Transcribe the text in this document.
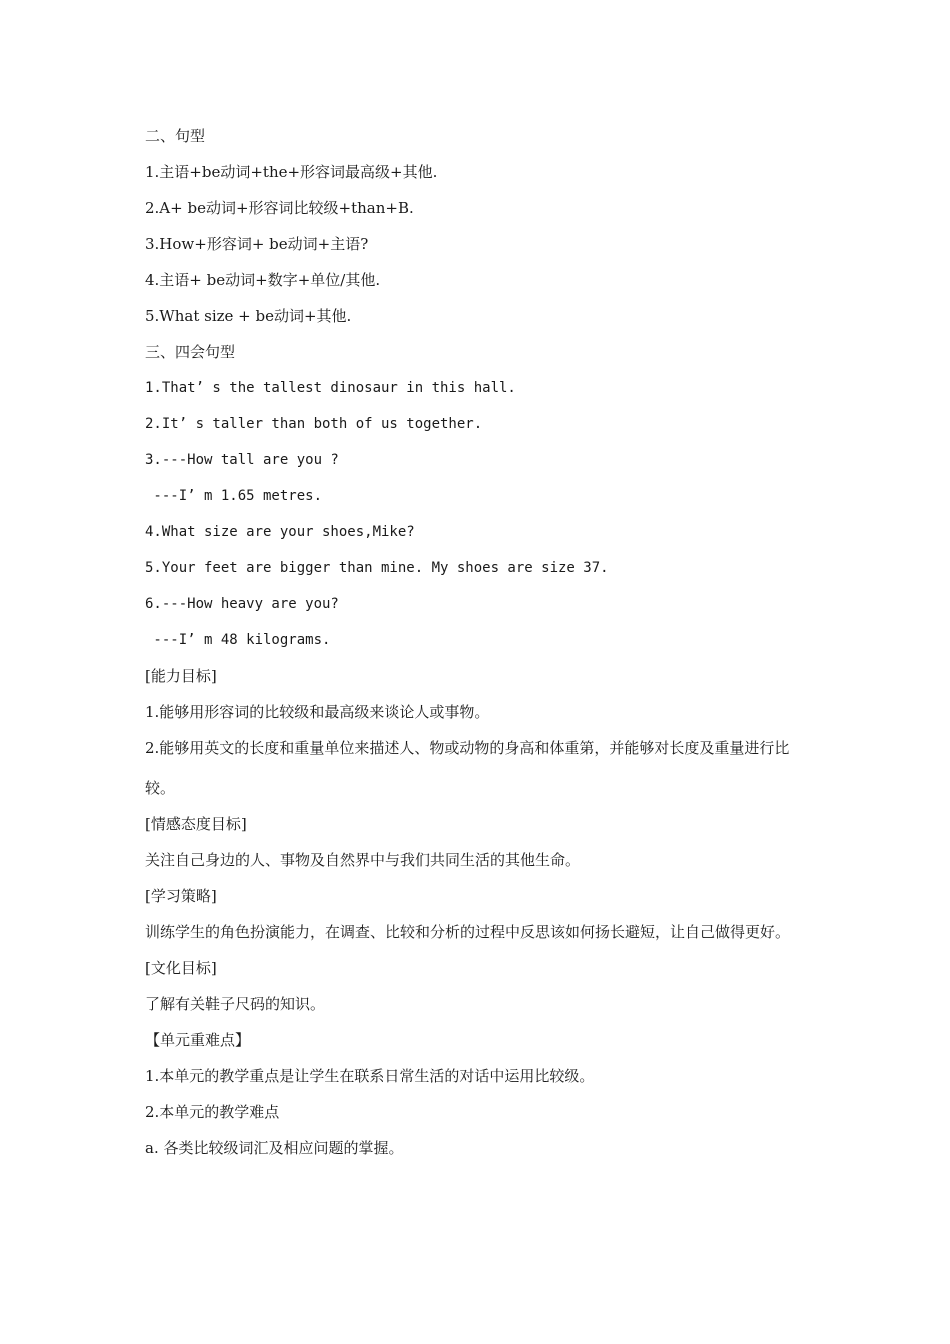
二、句型
1.主语+be动词+the+形容词最高级+其他.
2.A+ be动词+形容词比较级+than+B.
3.How+形容词+ be动词+主语?
4.主语+ be动词+数字+单位/其他.
5.What size + be动词+其他.
三、四会句型
1.That’ s the tallest dinosaur in this hall.
2.It’ s taller than both of us together.
3.---How tall are you ?
---I’ m 1.65 metres.
4.What size are your shoes,Mike?
5.Your feet are bigger than mine. My shoes are size 37.
6.---How heavy are you?
---I’ m 48 kilograms.
[能力目标]
1.能够用形容词的比较级和最高级来谈论人或事物。
2.能够用英文的长度和重量单位来描述人、物或动物的身高和体重第，并能够对长度及重量进行比较。
[情感态度目标]
关注自己身边的人、事物及自然界中与我们共同生活的其他生命。
[学习策略]
训练学生的角色扮演能力，在调查、比较和分析的过程中反思该如何扬长避短，让自己做得更好。
[文化目标]
了解有关鞋子尺码的知识。
【单元重难点】
1.本单元的教学重点是让学生在联系日常生活的对话中运用比较级。
2.本单元的教学难点
a. 各类比较级词汇及相应问题的掌握。
